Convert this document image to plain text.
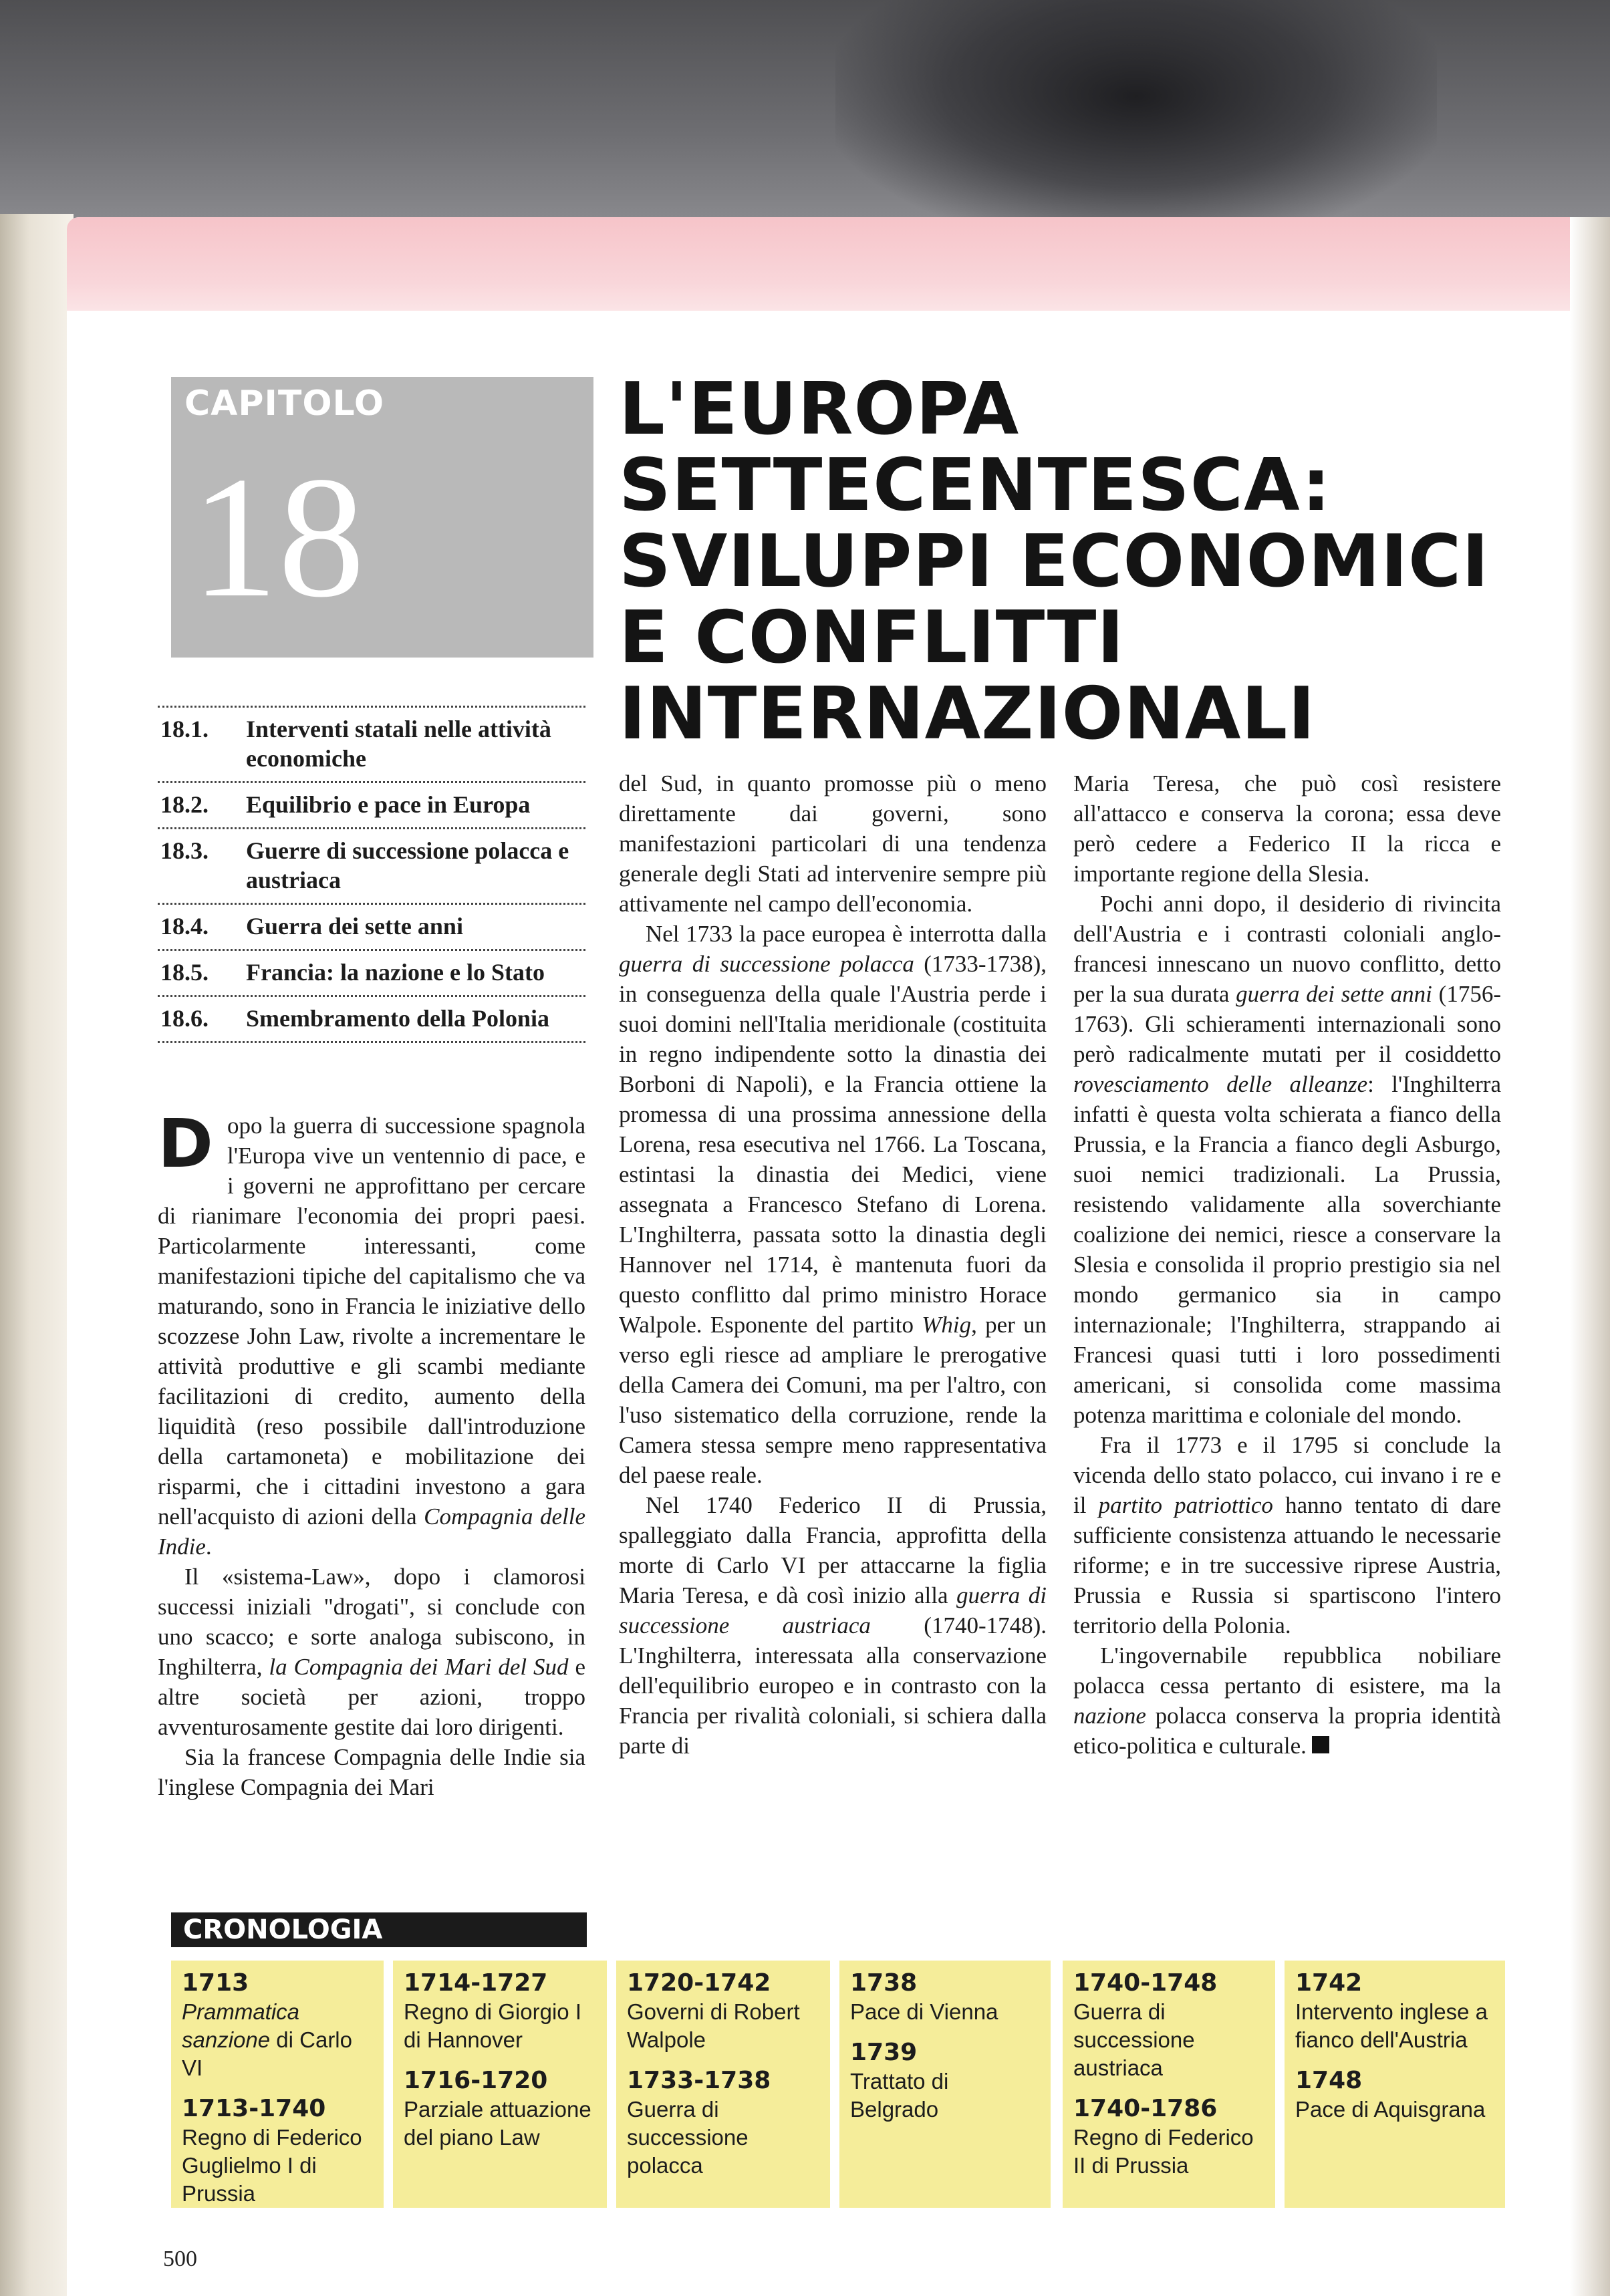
CAPITOLO
18
L'EUROPA
SETTECENTESCA:
SVILUPPI ECONOMICI
E CONFLITTI
INTERNAZIONALI
18.1.	Interventi statali nelle attività economiche
18.2.	Equilibrio e pace in Europa
18.3.	Guerre di successione polacca e austriaca
18.4.	Guerra dei sette anni
18.5.	Francia: la nazione e lo Stato
18.6.	Smembramento della Polonia

Dopo la guerra di successione spagnola l'Europa vive un ventennio di pace, e i governi ne approfittano per cercare di rianimare l'economia dei propri paesi. Particolarmente interessanti, come manifestazioni tipiche del capitalismo che va maturando, sono in Francia le iniziative dello scozzese John Law, rivolte a incrementare le attività produttive e gli scambi mediante facilitazioni di credito, aumento della liquidità (reso possibile dall'introduzione della cartamoneta) e mobilitazione dei risparmi, che i cittadini investono a gara nell'acquisto di azioni della Compagnia delle Indie.

Il «sistema-Law», dopo i clamorosi successi iniziali "drogati", si conclude con uno scacco; e sorte analoga subiscono, in Inghilterra, la Compagnia dei Mari del Sud e altre società per azioni, troppo avventurosamente gestite dai loro dirigenti.

Sia la francese Compagnia delle Indie sia l'inglese Compagnia dei Mari

del Sud, in quanto promosse più o meno direttamente dai governi, sono manifestazioni particolari di una tendenza generale degli Stati ad intervenire sempre più attivamente nel campo dell'economia.

Nel 1733 la pace europea è interrotta dalla guerra di successione polacca (1733-1738), in conseguenza della quale l'Austria perde i suoi domini nell'Italia meridionale (costituita in regno indipendente sotto la dinastia dei Borboni di Napoli), e la Francia ottiene la promessa di una prossima annessione della Lorena, resa esecutiva nel 1766. La Toscana, estintasi la dinastia dei Medici, viene assegnata a Francesco Stefano di Lorena. L'Inghilterra, passata sotto la dinastia degli Hannover nel 1714, è mantenuta fuori da questo conflitto dal primo ministro Horace Walpole. Esponente del partito Whig, per un verso egli riesce ad ampliare le prerogative della Camera dei Comuni, ma per l'altro, con l'uso sistematico della corruzione, rende la Camera stessa sempre meno rappresentativa del paese reale.

Nel 1740 Federico II di Prussia, spalleggiato dalla Francia, approfitta della morte di Carlo VI per attaccarne la figlia Maria Teresa, e dà così inizio alla guerra di successione austriaca (1740-1748). L'Inghilterra, interessata alla conservazione dell'equilibrio europeo e in contrasto con la Francia per rivalità coloniali, si schiera dalla parte di

Maria Teresa, che può così resistere all'attacco e conserva la corona; essa deve però cedere a Federico II la ricca e importante regione della Slesia.

Pochi anni dopo, il desiderio di rivincita dell'Austria e i contrasti coloniali anglo-francesi innescano un nuovo conflitto, detto per la sua durata guerra dei sette anni (1756-1763). Gli schieramenti internazionali sono però radicalmente mutati per il cosiddetto rovesciamento delle alleanze: l'Inghilterra infatti è questa volta schierata a fianco della Prussia, e la Francia a fianco degli Asburgo, suoi nemici tradizionali. La Prussia, resistendo validamente alla soverchiante coalizione dei nemici, riesce a conservare la Slesia e consolida il proprio prestigio sia nel mondo germanico sia in campo internazionale; l'Inghilterra, strappando ai Francesi quasi tutti i loro possedimenti americani, si consolida come massima potenza marittima e coloniale del mondo.

Fra il 1773 e il 1795 si conclude la vicenda dello stato polacco, cui invano i re e il partito patriottico hanno tentato di dare sufficiente consistenza attuando le necessarie riforme; e in tre successive riprese Austria, Prussia e Russia si spartiscono l'intero territorio della Polonia.

L'ingovernabile repubblica nobiliare polacca cessa pertanto di esistere, ma la nazione polacca conserva la propria identità etico-politica e culturale.

CRONOLOGIA
1713
Prammatica sanzione di Carlo VI
1713-1740
Regno di Federico Guglielmo I di Prussia
1714-1727
Regno di Giorgio I di Hannover
1716-1720
Parziale attuazione del piano Law
1720-1742
Governi di Robert Walpole
1733-1738
Guerra di successione polacca
1738
Pace di Vienna
1739
Trattato di Belgrado
1740-1748
Guerra di successione austriaca
1740-1786
Regno di Federico II di Prussia
1742
Intervento inglese a fianco dell'Austria
1748
Pace di Aquisgrana
500
